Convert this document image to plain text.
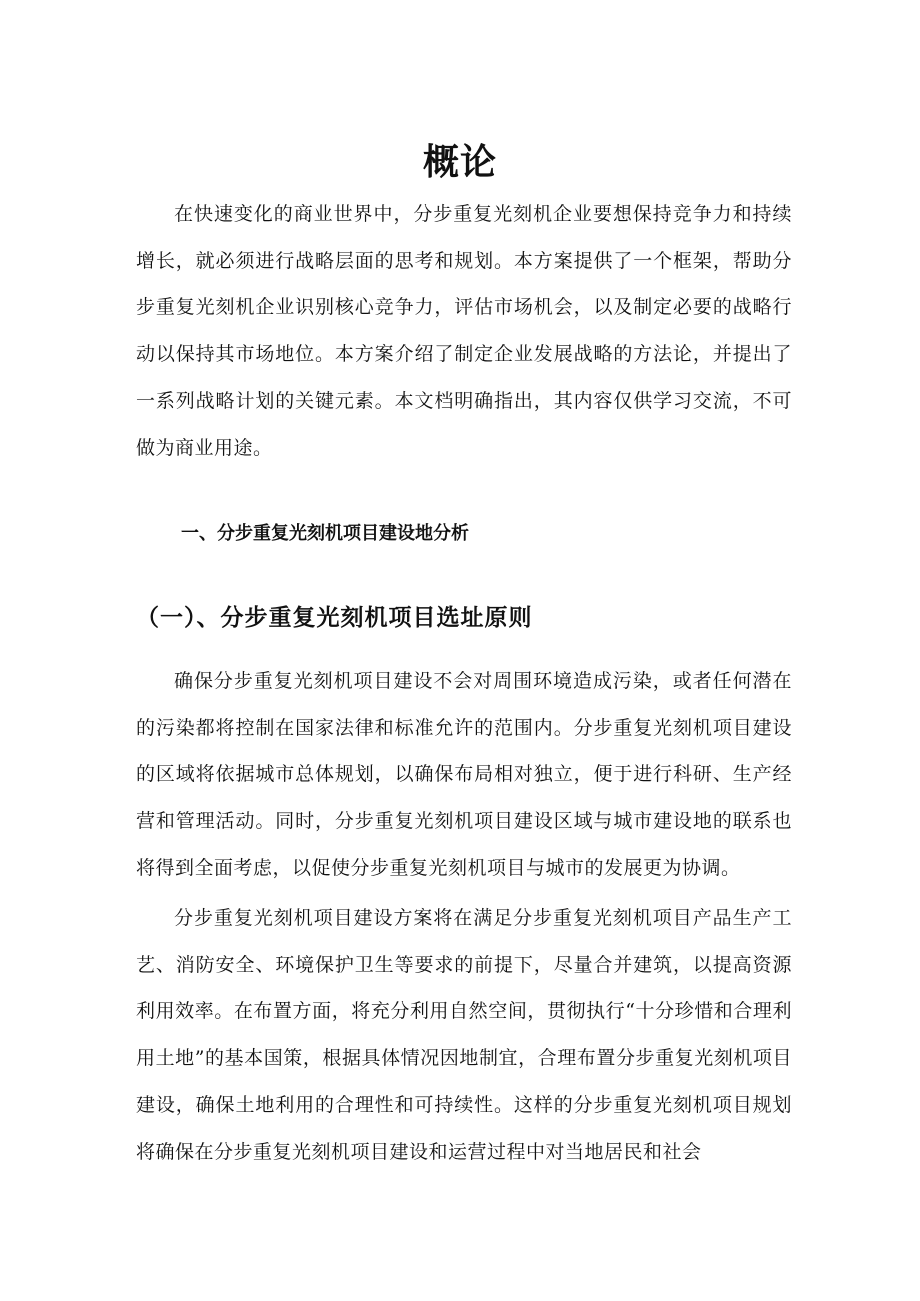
概论

在快速变化的商业世界中，分步重复光刻机企业要想保持竞争力和持续增长，就必须进行战略层面的思考和规划。本方案提供了一个框架，帮助分步重复光刻机企业识别核心竞争力，评估市场机会，以及制定必要的战略行动以保持其市场地位。本方案介绍了制定企业发展战略的方法论，并提出了一系列战略计划的关键元素。本文档明确指出，其内容仅供学习交流，不可做为商业用途。

一、分步重复光刻机项目建设地分析
（一）、分步重复光刻机项目选址原则

确保分步重复光刻机项目建设不会对周围环境造成污染，或者任何潜在的污染都将控制在国家法律和标准允许的范围内。分步重复光刻机项目建设的区域将依据城市总体规划，以确保布局相对独立，便于进行科研、生产经营和管理活动。同时，分步重复光刻机项目建设区域与城市建设地的联系也将得到全面考虑，以促使分步重复光刻机项目与城市的发展更为协调。

分步重复光刻机项目建设方案将在满足分步重复光刻机项目产品生产工艺、消防安全、环境保护卫生等要求的前提下，尽量合并建筑，以提高资源利用效率。在布置方面，将充分利用自然空间，贯彻执行“十分珍惜和合理利用土地”的基本国策，根据具体情况因地制宜，合理布置分步重复光刻机项目建设，确保土地利用的合理性和可持续性。这样的分步重复光刻机项目规划将确保在分步重复光刻机项目建设和运营过程中对当地居民和社会
